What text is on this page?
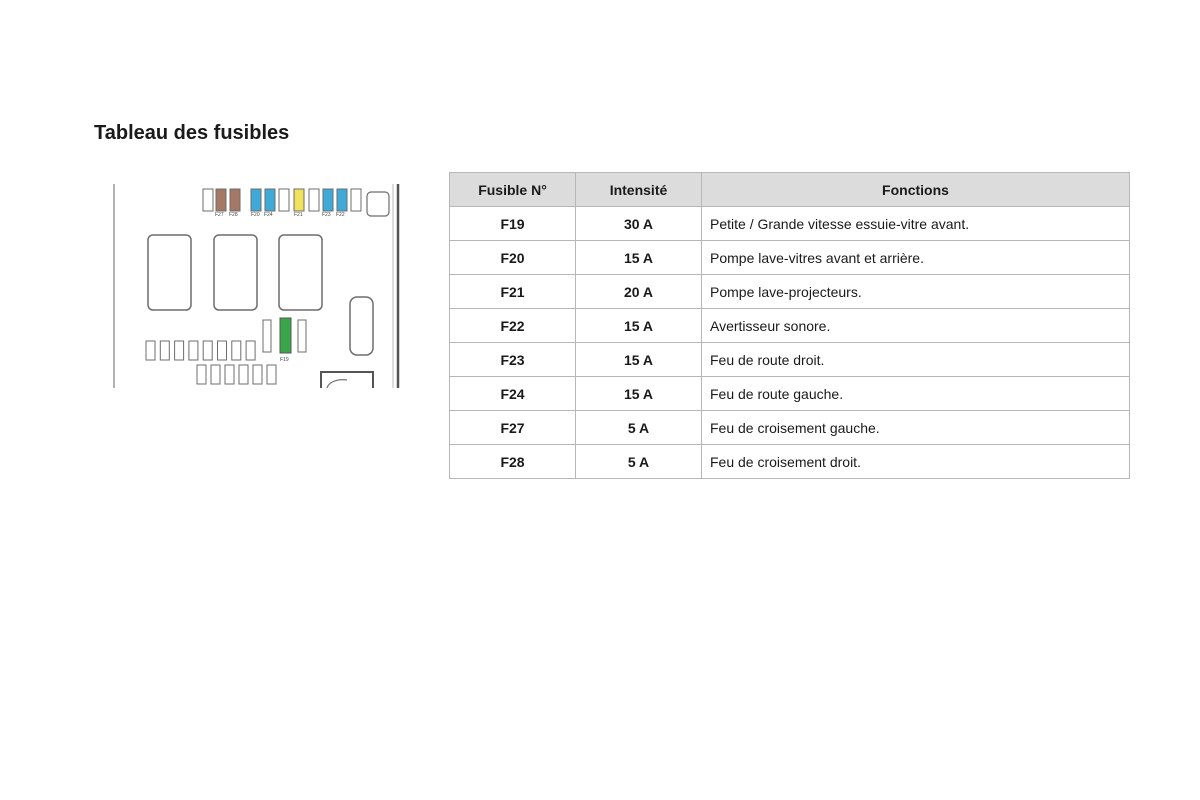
Tableau des fusibles
F27 F28	F20 F24	F21	F23 F22
F19
Fusible N°	Intensité	Fonctions
F19	30 A	Petite / Grande vitesse essuie-vitre avant.
F20	15 A	Pompe lave-vitres avant et arrière.
F21	20 A	Pompe lave-projecteurs.
F22	15 A	Avertisseur sonore.
F23	15 A	Feu de route droit.
F24	15 A	Feu de route gauche.
F27	5 A	Feu de croisement gauche.
F28	5 A	Feu de croisement droit.
